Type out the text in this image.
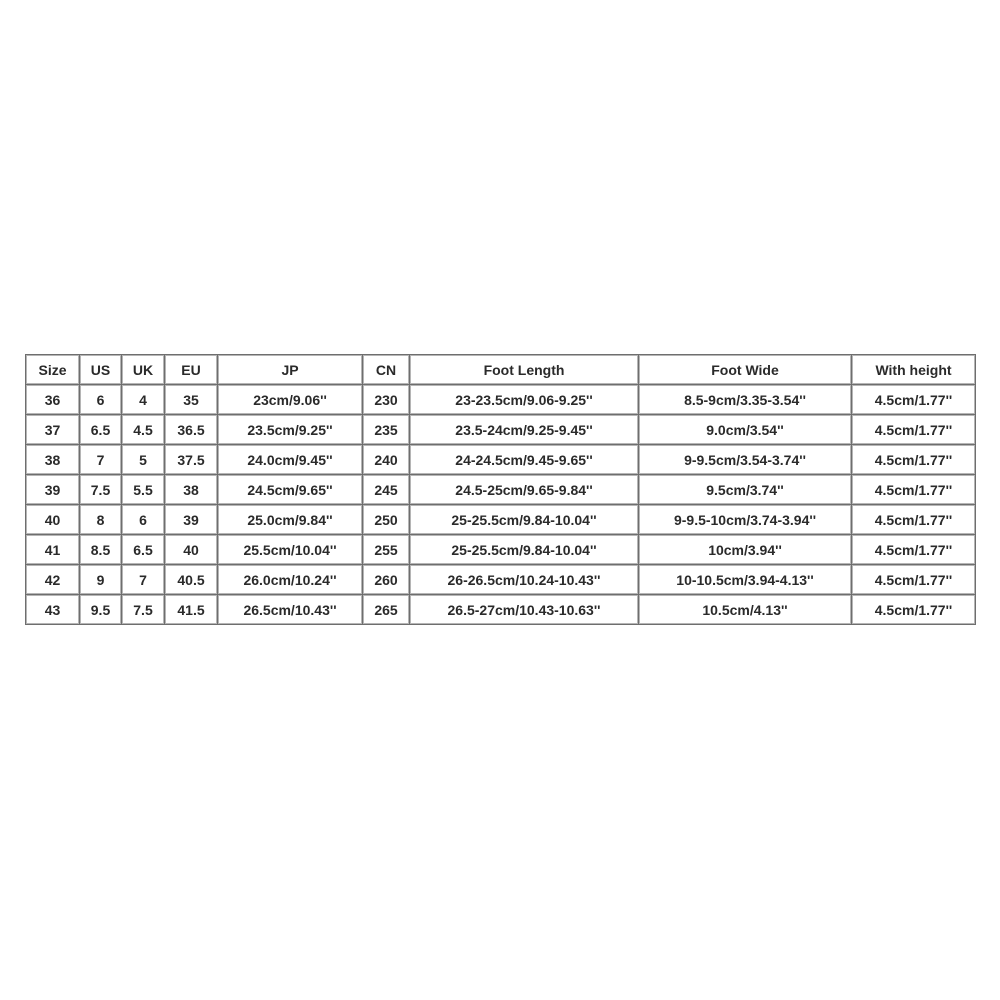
Size	US	UK	EU	JP	CN	Foot Length	Foot Wide	With height
36	6	4	35	23cm/9.06''	230	23-23.5cm/9.06-9.25''	8.5-9cm/3.35-3.54''	4.5cm/1.77''
37	6.5	4.5	36.5	23.5cm/9.25''	235	23.5-24cm/9.25-9.45''	9.0cm/3.54''	4.5cm/1.77''
38	7	5	37.5	24.0cm/9.45''	240	24-24.5cm/9.45-9.65''	9-9.5cm/3.54-3.74''	4.5cm/1.77''
39	7.5	5.5	38	24.5cm/9.65''	245	24.5-25cm/9.65-9.84''	9.5cm/3.74''	4.5cm/1.77''
40	8	6	39	25.0cm/9.84''	250	25-25.5cm/9.84-10.04''	9-9.5-10cm/3.74-3.94''	4.5cm/1.77''
41	8.5	6.5	40	25.5cm/10.04''	255	25-25.5cm/9.84-10.04''	10cm/3.94''	4.5cm/1.77''
42	9	7	40.5	26.0cm/10.24''	260	26-26.5cm/10.24-10.43''	10-10.5cm/3.94-4.13''	4.5cm/1.77''
43	9.5	7.5	41.5	26.5cm/10.43''	265	26.5-27cm/10.43-10.63''	10.5cm/4.13''	4.5cm/1.77''
